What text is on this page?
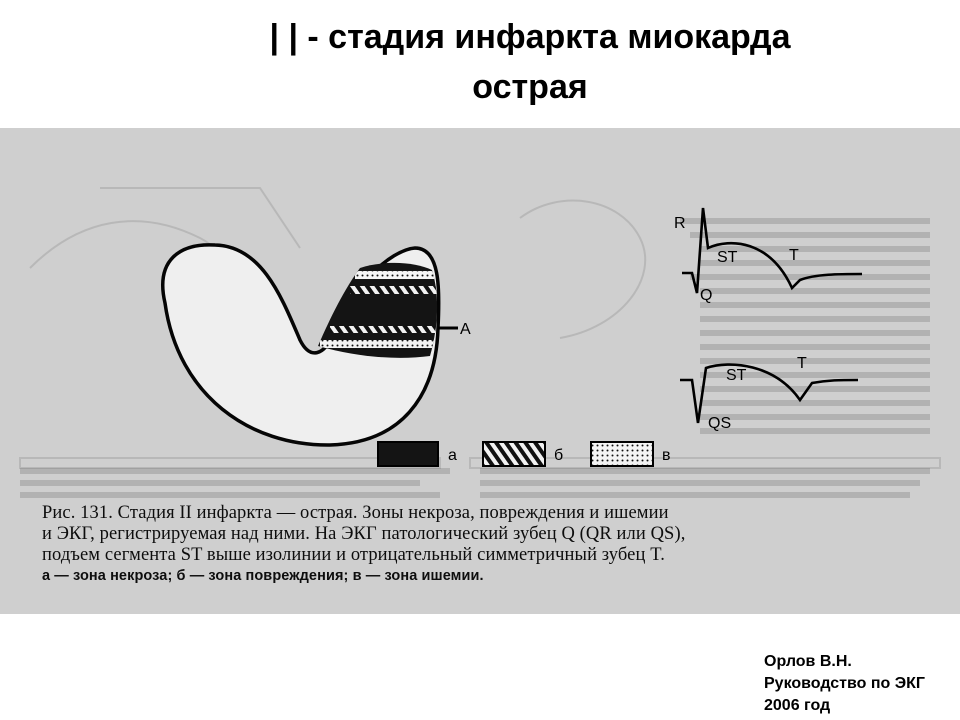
| | - стадия инфаркта миокарда
острая
A
R
ST	T
Q
ST
T
QS
а	б	в
Рис. 131. Стадия II инфаркта — острая. Зоны некроза, повреждения и ишемии
и ЭКГ, регистрируемая над ними. На ЭКГ патологический зубец Q (QR или QS),
подъем сегмента ST выше изолинии и отрицательный симметричный зубец T.
а — зона некроза; б — зона повреждения; в — зона ишемии.
Орлов В.Н.
Руководство по ЭКГ
2006 год
